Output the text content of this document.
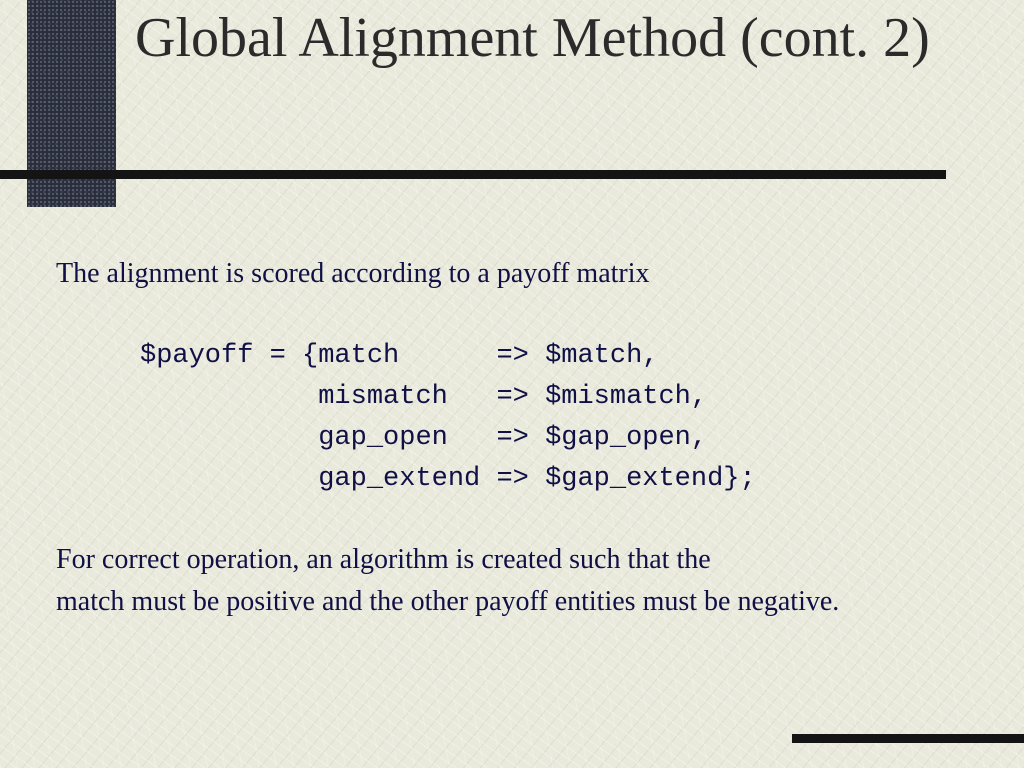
Global Alignment Method (cont. 2)

The alignment is scored according to a payoff matrix

$payoff = {match      => $match,
mismatch   => $mismatch,
gap_open   => $gap_open,
gap_extend => $gap_extend};

For correct operation, an algorithm is created such that the

match must be positive and the other payoff entities must be negative.
